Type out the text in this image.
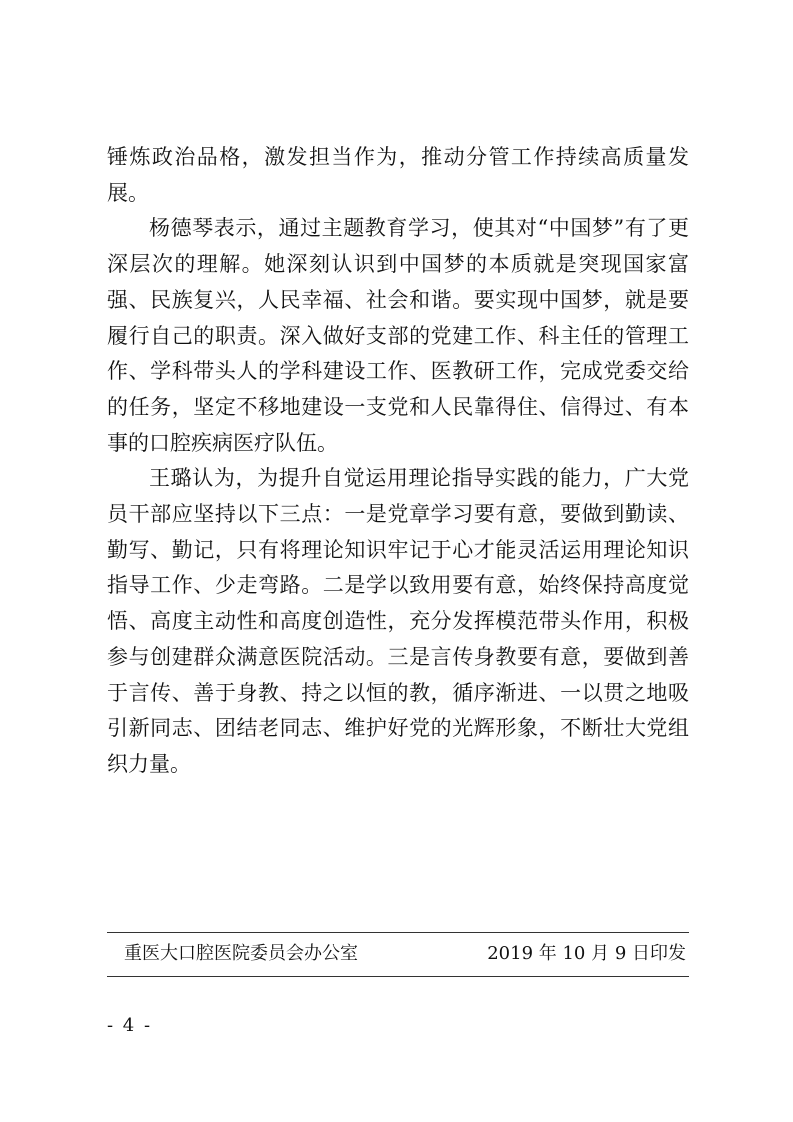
锤炼政治品格，激发担当作为，推动分管工作持续高质量发展。

杨德琴表示，通过主题教育学习，使其对“中国梦”有了更深层次的理解。她深刻认识到中国梦的本质就是突现国家富强、民族复兴，人民幸福、社会和谐。要实现中国梦，就是要履行自己的职责。深入做好支部的党建工作、科主任的管理工作、学科带头人的学科建设工作、医教研工作，完成党委交给的任务，坚定不移地建设一支党和人民靠得住、信得过、有本事的口腔疾病医疗队伍。

王璐认为，为提升自觉运用理论指导实践的能力，广大党员干部应坚持以下三点：一是党章学习要有意，要做到勤读、勤写、勤记，只有将理论知识牢记于心才能灵活运用理论知识指导工作、少走弯路。二是学以致用要有意，始终保持高度觉悟、高度主动性和高度创造性，充分发挥模范带头作用，积极参与创建群众满意医院活动。三是言传身教要有意，要做到善于言传、善于身教、持之以恒的教，循序渐进、一以贯之地吸引新同志、团结老同志、维护好党的光辉形象，不断壮大党组织力量。

重医大口腔医院委员会办公室	2019 年 10 月 9 日印发
- 4 -
